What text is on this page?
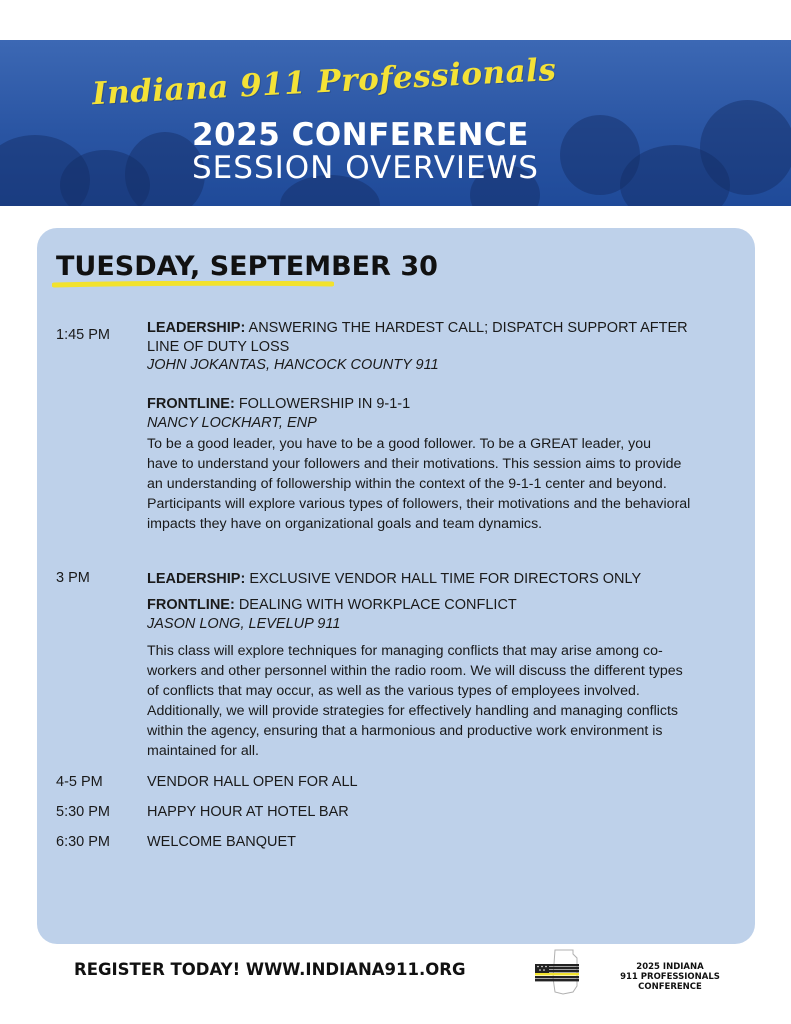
Indiana 911 Professionals
2025 CONFERENCE
SESSION OVERVIEWS
TUESDAY, SEPTEMBER 30
1:45 PM	LEADERSHIP: ANSWERING THE HARDEST CALL; DISPATCH SUPPORT AFTER
LINE OF DUTY LOSS
JOHN JOKANTAS, HANCOCK COUNTY 911
FRONTLINE: FOLLOWERSHIP IN 9-1-1
NANCY LOCKHART, ENP
To be a good leader, you have to be a good follower. To be a GREAT leader, you
have to understand your followers and their motivations. This session aims to provide
an understanding of followership within the context of the 9-1-1 center and beyond.
Participants will explore various types of followers, their motivations and the behavioral
impacts they have on organizational goals and team dynamics.
3 PM	LEADERSHIP: EXCLUSIVE VENDOR HALL TIME FOR DIRECTORS ONLY
FRONTLINE: DEALING WITH WORKPLACE CONFLICT
JASON LONG, LEVELUP 911
This class will explore techniques for managing conflicts that may arise among co-
workers and other personnel within the radio room. We will discuss the different types
of conflicts that may occur, as well as the various types of employees involved.
Additionally, we will provide strategies for effectively handling and managing conflicts
within the agency, ensuring that a harmonious and productive work environment is
maintained for all.
4-5 PM	VENDOR HALL OPEN FOR ALL
5:30 PM	HAPPY HOUR AT HOTEL BAR
6:30 PM	WELCOME BANQUET
REGISTER TODAY! WWW.INDIANA911.ORG	2025 INDIANA
911 PROFESSIONALS CONFERENCE
